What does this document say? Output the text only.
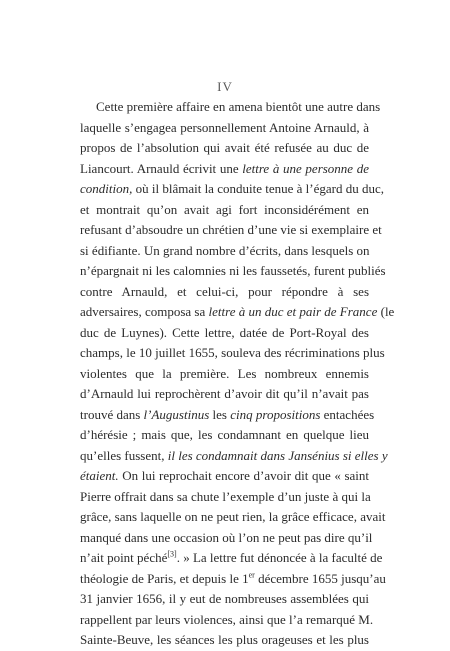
IV
Cette première affaire en amena bientôt une autre dans
laquelle s’engagea personnellement Antoine Arnauld, à
propos de l’absolution qui avait été refusée au duc de
Liancourt. Arnauld écrivit une lettre à une personne de
condition, où il blâmait la conduite tenue à l’égard du duc,
et montrait qu’on avait agi fort inconsidérément en
refusant d’absoudre un chrétien d’une vie si exemplaire et
si édifiante. Un grand nombre d’écrits, dans lesquels on
n’épargnait ni les calomnies ni les faussetés, furent publiés
contre Arnauld, et celui-ci, pour répondre à ses
adversaires, composa sa lettre à un duc et pair de France (le
duc de Luynes). Cette lettre, datée de Port-Royal des
champs, le 10 juillet 1655, souleva des récriminations plus
violentes que la première. Les nombreux ennemis
d’Arnauld lui reprochèrent d’avoir dit qu’il n’avait pas
trouvé dans l’Augustinus les cinq propositions entachées
d’hérésie ; mais que, les condamnant en quelque lieu
qu’elles fussent, il les condamnait dans Jansénius si elles y
étaient. On lui reprochait encore d’avoir dit que « saint
Pierre offrait dans sa chute l’exemple d’un juste à qui la
grâce, sans laquelle on ne peut rien, la grâce efficace, avait
manqué dans une occasion où l’on ne peut pas dire qu’il
n’ait point péché[3]. » La lettre fut dénoncée à la faculté de
théologie de Paris, et depuis le 1er décembre 1655 jusqu’au
31 janvier 1656, il y eut de nombreuses assemblées qui
rappellent par leurs violences, ainsi que l’a remarqué M.
Sainte-Beuve, les séances les plus orageuses et les plus
